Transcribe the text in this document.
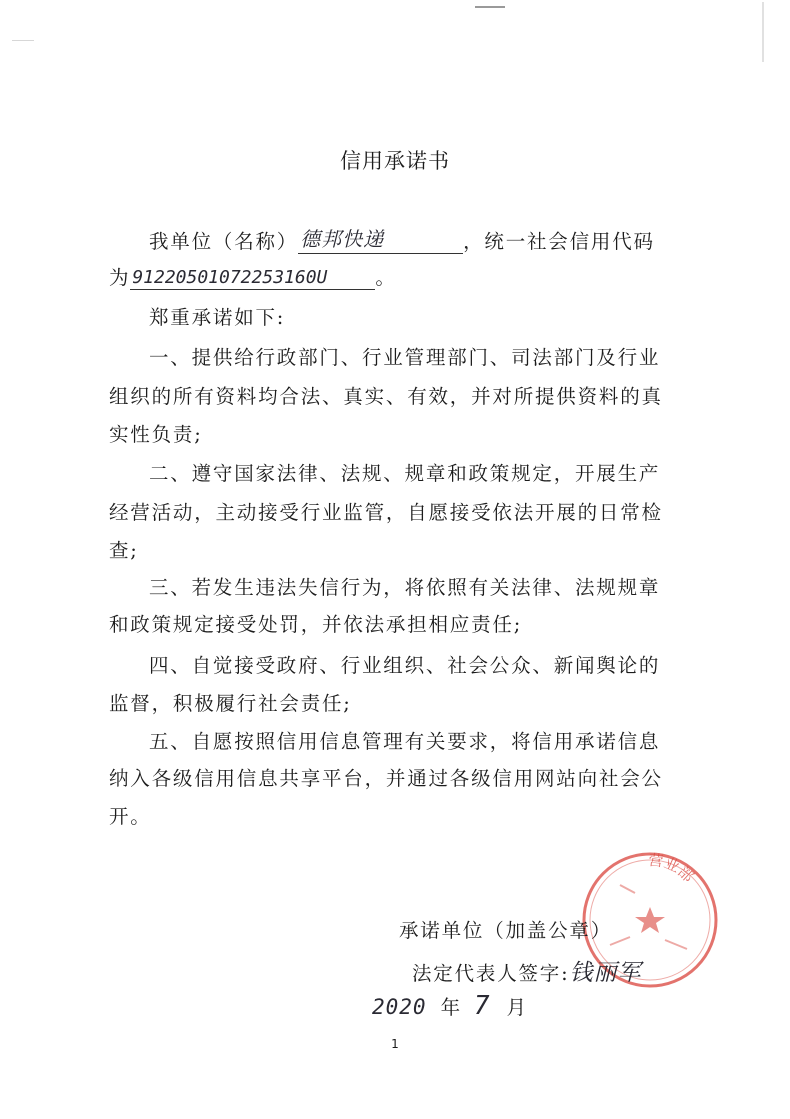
信用承诺书
我单位（名称） 德邦快递	，统一社会信用代码
为 91220501072253160U 。
郑重承诺如下:
一、提供给行政部门、行业管理部门、司法部门及行业
组织的所有资料均合法、真实、有效，并对所提供资料的真
实性负责;
二、遵守国家法律、法规、规章和政策规定，开展生产
经营活动，主动接受行业监管，自愿接受依法开展的日常检
查;
三、若发生违法失信行为，将依照有关法律、法规规章
和政策规定接受处罚，并依法承担相应责任;
四、自觉接受政府、行业组织、社会公众、新闻舆论的
监督，积极履行社会责任;
五、自愿按照信用信息管理有关要求，将信用承诺信息
纳入各级信用信息共享平台，并通过各级信用网站向社会公
开。
营业部
承诺单位（加盖公章）
法定代表人签字:钱丽军
2020 年 7 月
1
